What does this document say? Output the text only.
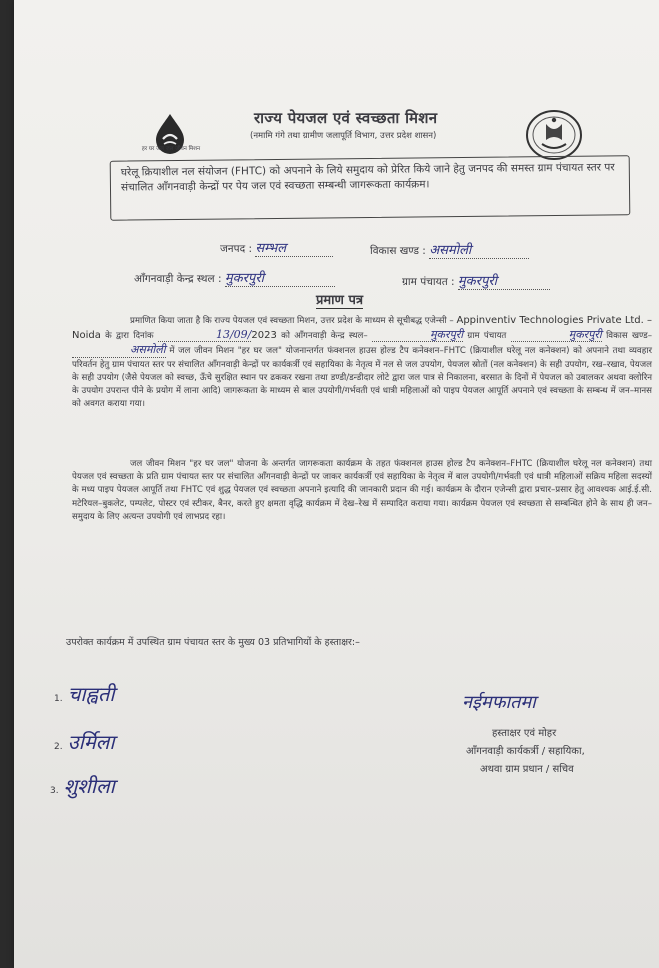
हर घर जल जल जीवन मिशन
राज्य पेयजल एवं स्वच्छता मिशन
(नमामि गंगे तथा ग्रामीण जलापूर्ति विभाग, उत्तर प्रदेश शासन)
घरेलू क्रियाशील नल संयोजन (FHTC) को अपनाने के लिये समुदाय को प्रेरित किये जाने हेतु जनपद की समस्त ग्राम पंचायत स्तर पर संचालित आँगनवाड़ी केन्द्रों पर पेय जल एवं स्वच्छता सम्बन्धी जागरूकता कार्यक्रम।
जनपद : सम्भल	विकास खण्ड : असमोली
आँगनवाड़ी केन्द्र स्थल : मुकरपुरी	ग्राम पंचायत : मुकरपुरी
प्रमाण पत्र
प्रमाणित किया जाता है कि राज्य पेयजल एवं स्वच्छता मिशन, उत्तर प्रदेश के माध्यम से सूचीबद्ध एजेन्सी – Appinventiv Technologies Private Ltd. – Noida के द्वारा दिनांक	13/09/2023 को आँगनवाड़ी केन्द्र स्थल–	मुकरपुरी ग्राम पंचायत	मुकरपुरी विकास खण्ड– असमोली में जल जीवन मिशन "हर घर जल" योजनान्तर्गत फंक्शनल हाउस होल्ड टैप कनेक्शन–FHTC (क्रियाशील घरेलू नल कनेक्शन) को अपनाने तथा व्यवहार परिवर्तन हेतु ग्राम पंचायत स्तर पर संचालित आँगनवाड़ी केन्द्रों पर कार्यकर्त्री एवं सहायिका के नेतृत्व में नल से जल उपयोग, पेयजल स्रोतों (नल कनेक्शन) के सही उपयोग, रख–रखाव, पेयजल के सही उपयोग (जैसे पेयजल को स्वच्छ, ऊँचे सुरक्षित स्थान पर ढककर रखना तथा डण्डी/डन्डीदार लोटे द्वारा जल पात्र से निकालना, बरसात के दिनों में पेयजल को उबालकर अथवा क्लोरिन के उपयोग उपरान्त पीने के प्रयोग में लाना आदि) जागरूकता के माध्यम से बाल उपयोगी/गर्भवती एवं धात्री महिलाओं को पाइप पेयजल आपूर्ति अपनाने एवं स्वच्छता के सम्बन्ध में जन–मानस को अवगत कराया गया।
जल जीवन मिशन "हर घर जल" योजना के अन्तर्गत जागरूकता कार्यक्रम के तहत फंक्शनल हाउस होल्ड टैप कनेक्शन–FHTC (क्रियाशील घरेलू नल कनेक्शन) तथा पेयजल एवं स्वच्छता के प्रति ग्राम पंचायत स्तर पर संचालित आँगनवाड़ी केन्द्रों पर जाकर कार्यकर्त्री एवं सहायिका के नेतृत्व में बाल उपयोगी/गर्भवती एवं धात्री महिलाओं सक्रिय महिला सदस्यों के मध्य पाइप पेयजल आपूर्ति तथा FHTC एवं शुद्ध पेयजल एवं स्वच्छता अपनाने इत्यादि की जानकारी प्रदान की गई। कार्यक्रम के दौरान एजेन्सी द्वारा प्रचार–प्रसार हेतु आवश्यक आई.ई.सी. मटेरियल–बुकलेट, पम्पलेट, पोस्टर एवं स्टीकर, बैनर, करते हुए क्षमता वृद्धि कार्यक्रम में देख–रेख में सम्पादित कराया गया। कार्यक्रम पेयजल एवं स्वच्छता से सम्बन्धित होने के साथ ही जन–समुदाय के लिए अत्यन्त उपयोगी एवं लाभप्रद रहा।
उपरोक्त कार्यक्रम में उपस्थित ग्राम पंचायत स्तर के मुख्य 03 प्रतिभागियों के हस्ताक्षर:–
1. चाह्वती
2. उर्मिला
3. शुशीला
नईमफातमा
हस्ताक्षर एवं मोहर
आँगनवाड़ी कार्यकर्त्री / सहायिका,
अथवा ग्राम प्रधान / सचिव
